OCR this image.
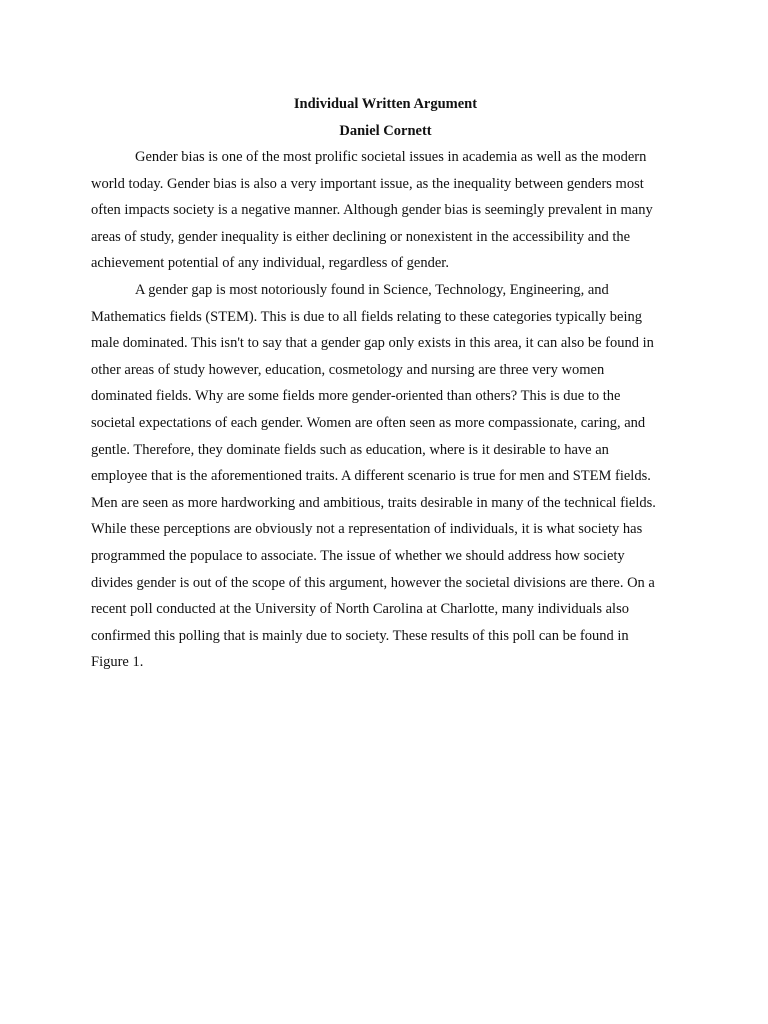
Individual Written Argument

Daniel Cornett

Gender bias is one of the most prolific societal issues in academia as well as the modern
world today. Gender bias is also a very important issue, as the inequality between genders most
often impacts society is a negative manner. Although gender bias is seemingly prevalent in many
areas of study, gender inequality is either declining or nonexistent in the accessibility and the
achievement potential of any individual, regardless of gender.
A gender gap is most notoriously found in Science, Technology, Engineering, and
Mathematics fields (STEM). This is due to all fields relating to these categories typically being
male dominated. This isn't to say that a gender gap only exists in this area, it can also be found in
other areas of study however, education, cosmetology and nursing are three very women
dominated fields. Why are some fields more gender-oriented than others? This is due to the
societal expectations of each gender. Women are often seen as more compassionate, caring, and
gentle. Therefore, they dominate fields such as education, where is it desirable to have an
employee that is the aforementioned traits. A different scenario is true for men and STEM fields.
Men are seen as more hardworking and ambitious, traits desirable in many of the technical fields.
While these perceptions are obviously not a representation of individuals, it is what society has
programmed the populace to associate. The issue of whether we should address how society
divides gender is out of the scope of this argument, however the societal divisions are there. On a
recent poll conducted at the University of North Carolina at Charlotte, many individuals also
confirmed this polling that is mainly due to society. These results of this poll can be found in
Figure 1.
